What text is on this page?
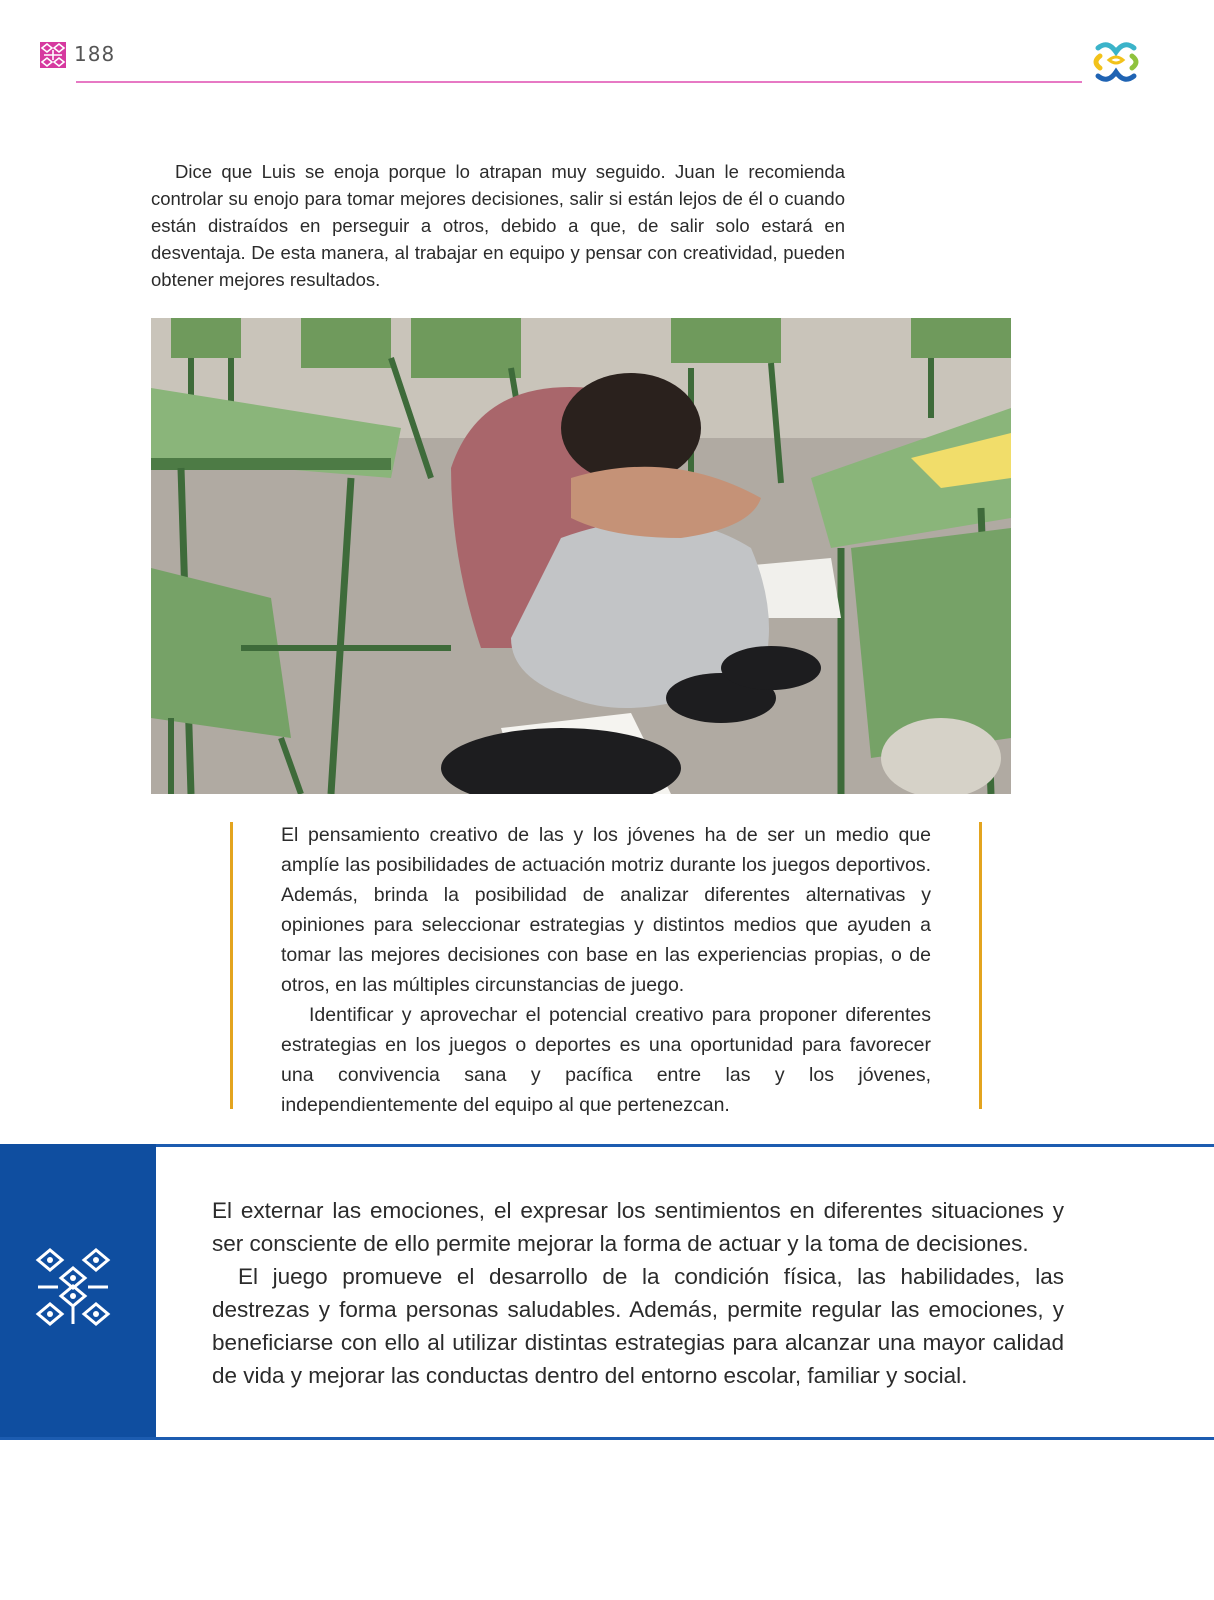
188
Dice que Luis se enoja porque lo atrapan muy seguido. Juan le recomienda controlar su enojo para tomar mejores decisiones, salir si están lejos de él o cuando están distraídos en perseguir a otros, debido a que, de salir solo estará en desventaja. De esta manera, al trabajar en equipo y pensar con creatividad, pueden obtener mejores resultados.

El pensamiento creativo de las y los jóvenes ha de ser un medio que amplíe las posibilidades de actuación motriz durante los juegos deportivos. Además, brinda la posibilidad de analizar diferentes alternativas y opiniones para seleccionar estrategias y distintos medios que ayuden a tomar las mejores decisiones con base en las experiencias propias, o de otros, en las múltiples circunstancias de juego.

Identificar y aprovechar el potencial creativo para proponer diferentes estrategias en los juegos o deportes es una oportunidad para favorecer una convivencia sana y pacífica entre las y los jóvenes, independientemente del equipo al que pertenezcan.

El externar las emociones, el expresar los sentimientos en diferentes situaciones y ser consciente de ello permite mejorar la forma de actuar y la toma de decisiones.

El juego promueve el desarrollo de la condición física, las habilidades, las destrezas y forma personas saludables. Además, permite regular las emociones, y beneficiarse con ello al utilizar distintas estrategias para alcanzar una mayor calidad de vida y mejorar las conductas dentro del entorno escolar, familiar y social.
